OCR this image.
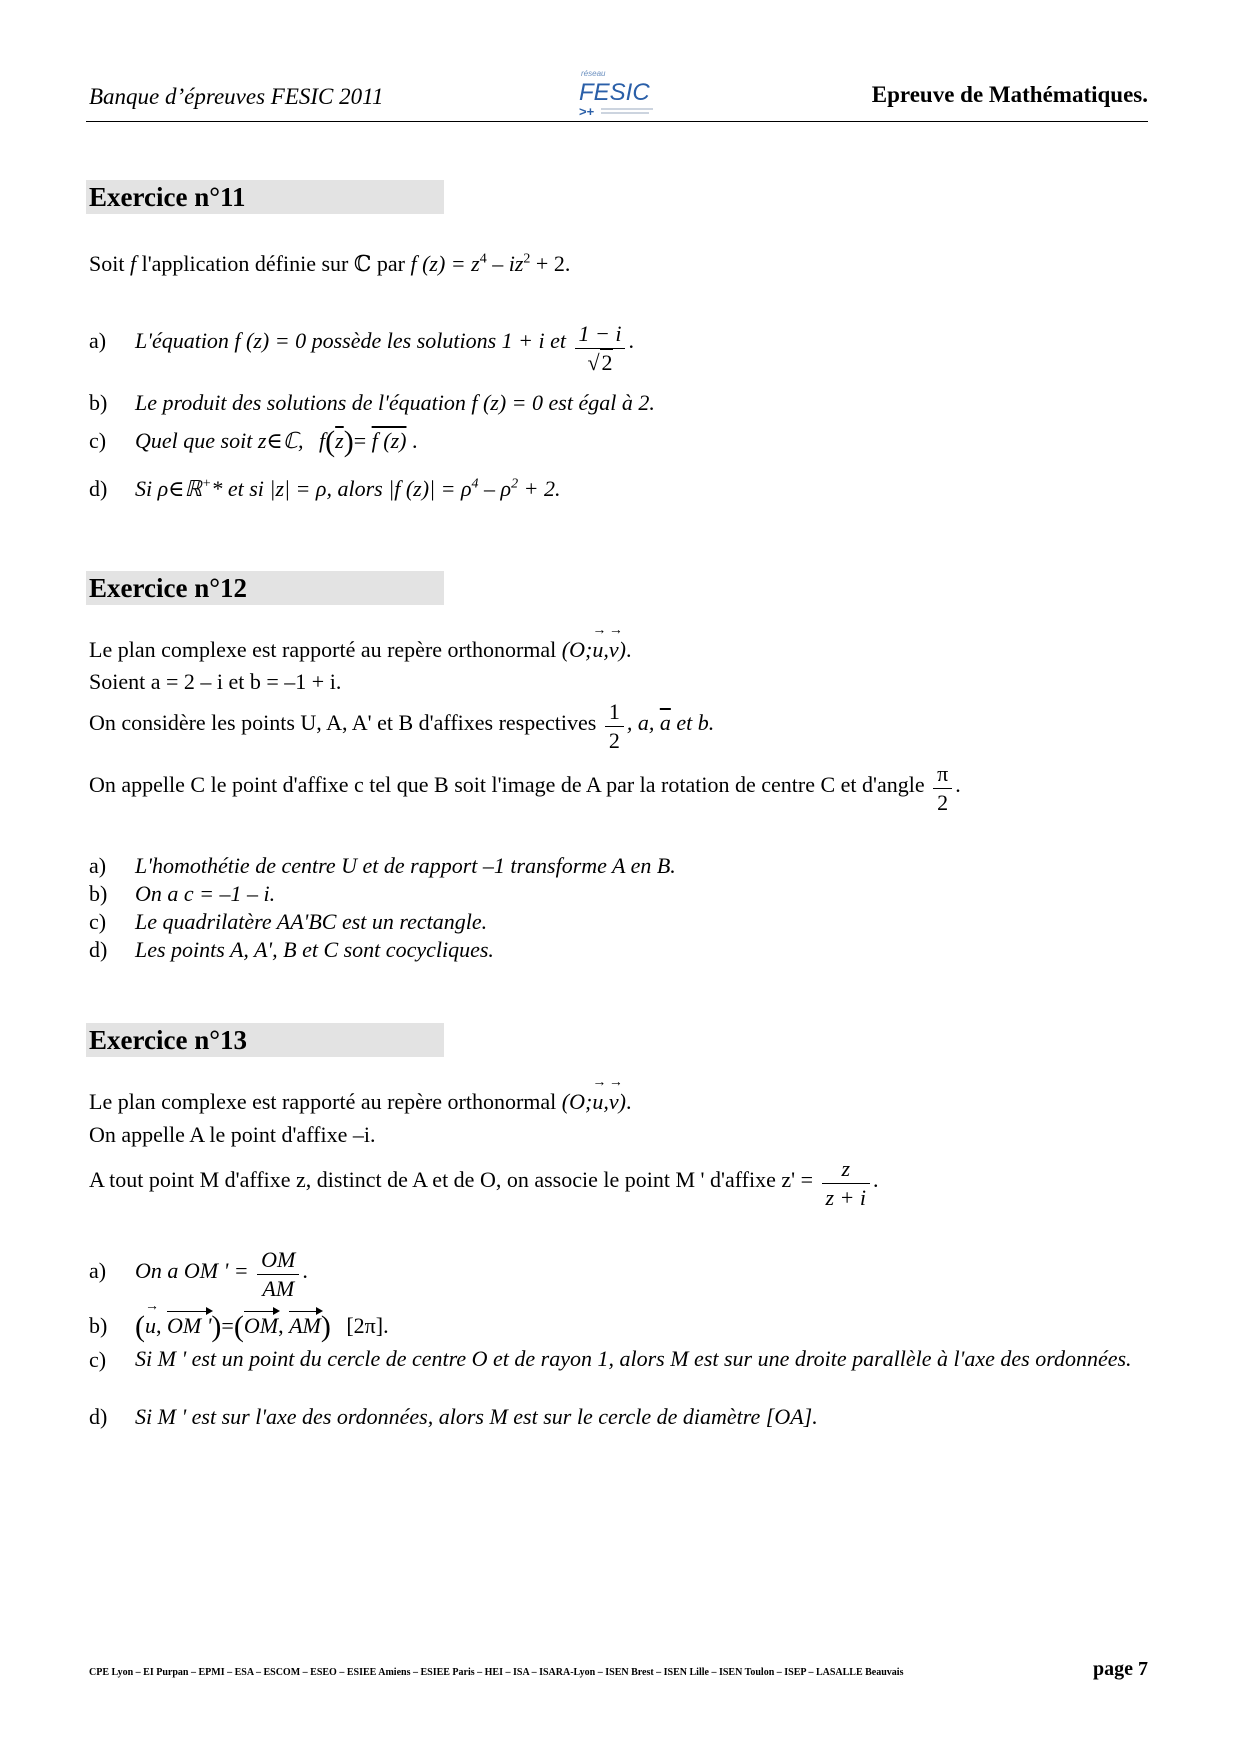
Banque d’épreuves FESIC 2011
réseau
FESIC
>+
Epreuve de Mathématiques.
Exercice n°11
Soit f l'application définie sur ℂ par f $(z) = z^4 - iz^2 + 2$.
a) L'équation f (z) = 0 possède les solutions 1 + i et $\frac{1 - i}{√2}$ .
b) Le produit des solutions de l'équation f (z) = 0 est égal à 2.
c) Quel que soit z∈ℂ, $f(\overline{z})= f$ (z) .
d) Si ρ∈ℝ+* et si |z| = ρ, alors |f $(z)| = \rho^4 - \rho^2 + 2$.
Exercice n°12
Le plan complexe est rapporté au repère orthonormal (O;→ u,→ v).
Soient a = 2 – i et b = –1 + i.
On considère les points U, A, A' et B d'affixes respectives $\frac{1}{2}$ , a, $\overline{a}$ et b.
On appelle C le point d'affixe c tel que B soit l'image de A par la rotation de centre C et d'angle $\frac{\pi}{2}$ .
a) L'homothétie de centre U et de rapport –1 transforme A en B.
b) On a c = –1 – i.
c) Le quadrilatère AA'BC est un rectangle.
d) Les points A, A', B et C sont cocycliques.
Exercice n°13
Le plan complexe est rapporté au repère orthonormal (O;→ u,→ v).
On appelle A le point d'affixe –i.
A tout point M d'affixe z, distinct de A et de O, on associe le point M ' d'affixe $z' = \frac{z}{z + i}$ .
a) On a OM ' = $\frac{OM}{AM}$ .
b) (→ u, OM ')=(OM, AM) [2π].
c) Si M ' est un point du cercle de centre O et de rayon 1, alors M est sur une droite parallèle à l'axe des ordonnées.
d) Si M ' est sur l'axe des ordonnées, alors M est sur le cercle de diamètre [OA].
CPE Lyon – EI Purpan – EPMI – ESA – ESCOM – ESEO – ESIEE Amiens – ESIEE Paris – HEI – ISA – ISARA-Lyon – ISEN Brest – ISEN Lille – ISEN Toulon – ISEP – LASALLE Beauvais	page 7
